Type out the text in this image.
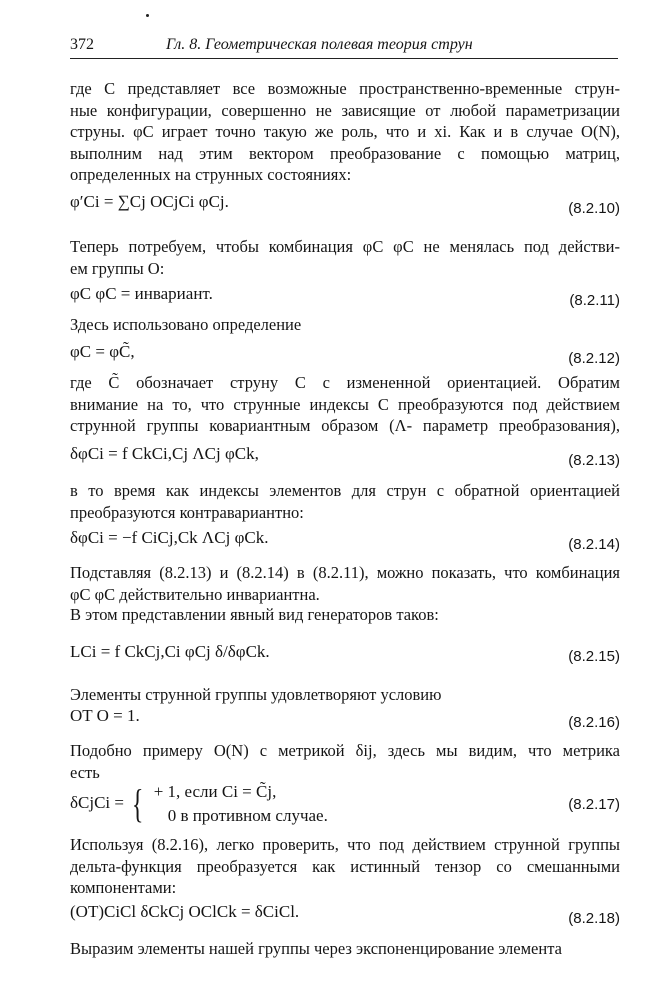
372	Гл. 8. Геометрическая полевая теория струн
где C представляет все возможные пространственно-временные струн-
ные конфигурации, совершенно не зависящие от любой параметризации
струны. φC играет точно такую же роль, что и xi. Как и в случае O(N),
выполним над этим вектором преобразование с помощью матриц,
определенных на струнных состояниях:
φ′Ci = ∑Cj OCjCi φCj.	(8.2.10)
Теперь потребуем, чтобы комбинация φC φC не менялась под действи-
ем группы O:
φC φC = инвариант.	(8.2.11)
Здесь использовано определение
φC = φC̃,	(8.2.12)
где C̃ обозначает струну C с измененной ориентацией. Обратим
внимание на то, что струнные индексы C преобразуются под действием
струнной группы ковариантным образом (Λ- параметр преобразования),
δφCi = f CkCi,Cj ΛCj φCk,	(8.2.13)
в то время как индексы элементов для струн с обратной ориентацией
преобразуются контравариантно:
δφCi = −f CiCj,Ck ΛCj φCk.	(8.2.14)
Подставляя (8.2.13) и (8.2.14) в (8.2.11), можно показать, что комбинация
φC φC действительно инвариантна.
В этом представлении явный вид генераторов таков:
LCi = f CkCj,Ci φCj δ/δφCk.	(8.2.15)
Элементы струнной группы удовлетворяют условию
OT O = 1.	(8.2.16)
Подобно примеру O(N) с метрикой δij, здесь мы видим, что метрика
есть
δCjCi = { + 1, если Ci = C̃j,
0 в противном случае.
(8.2.17)
Используя (8.2.16), легко проверить, что под действием струнной группы
дельта-функция преобразуется как истинный тензор со смешанными
компонентами:
(OT)CiCl δCkCj OClCk = δCiCl.	(8.2.18)
Выразим элементы нашей группы через экспоненцирование элемента
